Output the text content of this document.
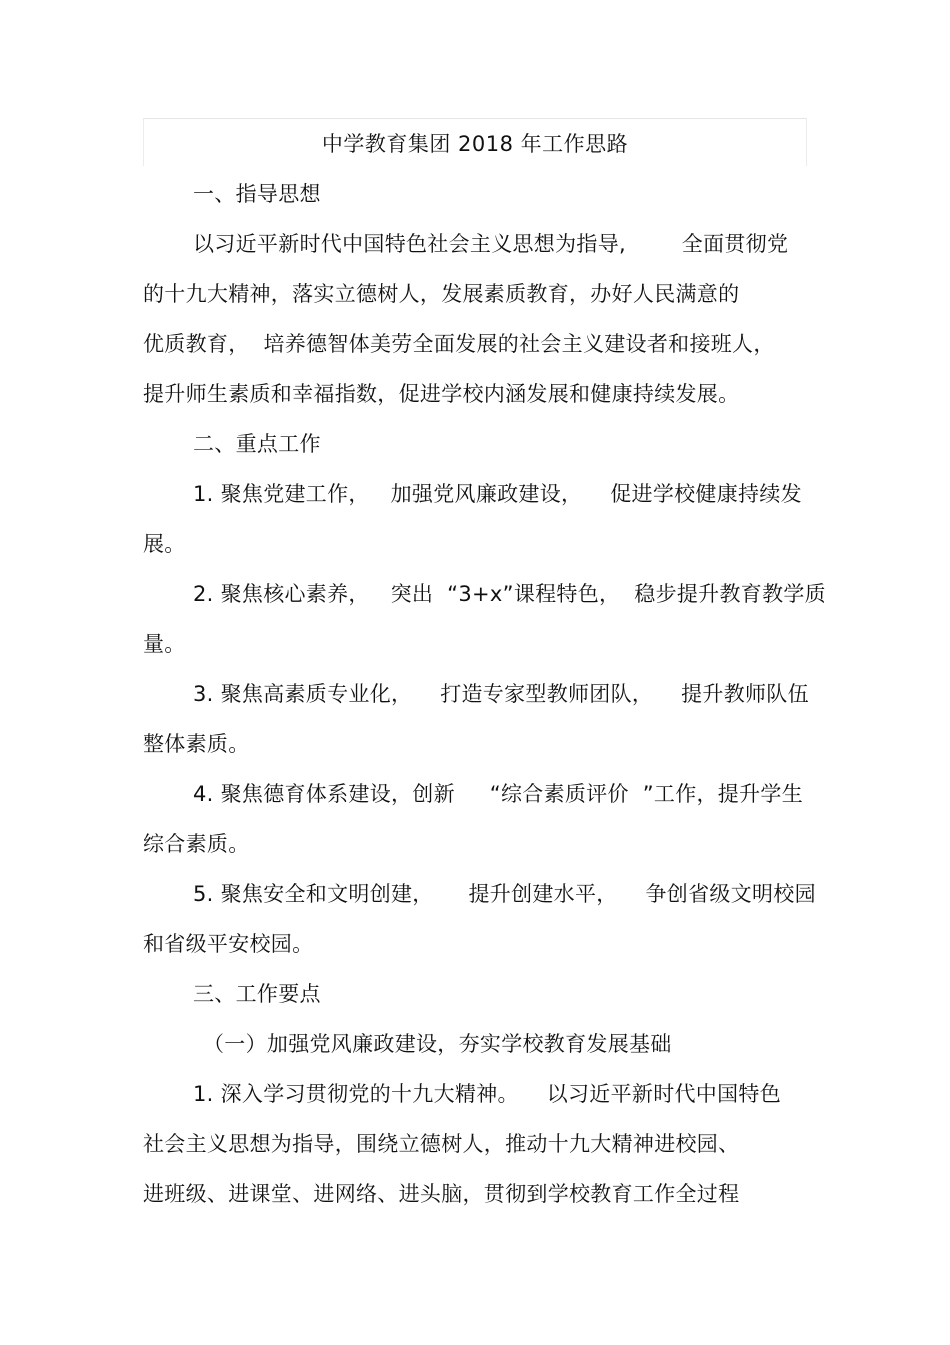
中学教育集团 2018 年工作思路
一、指导思想
以习近平新时代中国特色社会主义思想为指导,        全面贯彻党
的十九大精神，落实立德树人，发展素质教育，办好人民满意的
优质教育，  培养德智体美劳全面发展的社会主义建设者和接班人，
提升师生素质和幸福指数，促进学校内涵发展和健康持续发展。
二、重点工作
1. 聚焦党建工作，   加强党风廉政建设，    促进学校健康持续发
展。
2. 聚焦核心素养，   突出  “3+x”课程特色，  稳步提升教育教学质
量。
3. 聚焦高素质专业化，    打造专家型教师团队，    提升教师队伍
整体素质。
4. 聚焦德育体系建设，创新     “综合素质评价  ”工作，提升学生
综合素质。
5. 聚焦安全和文明创建，     提升创建水平，    争创省级文明校园
和省级平安校园。
三、工作要点
（一）加强党风廉政建设，夯实学校教育发展基础
1. 深入学习贯彻党的十九大精神。    以习近平新时代中国特色
社会主义思想为指导，围绕立德树人，推动十九大精神进校园、
进班级、进课堂、进网络、进头脑，贯彻到学校教育工作全过程
